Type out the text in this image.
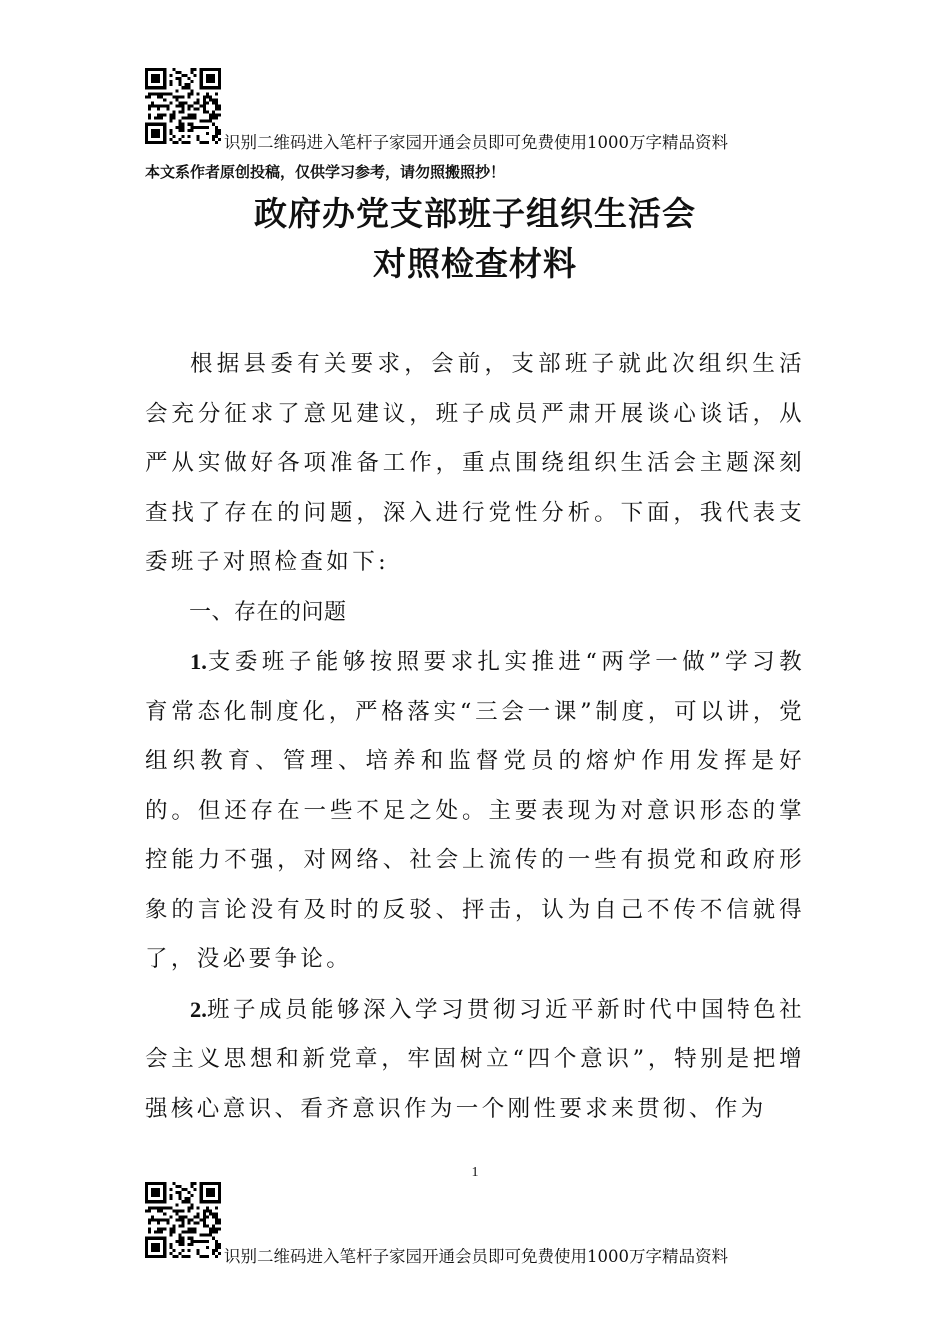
识别二维码进入笔杆子家园开通会员即可免费使用1000万字精品资料
本文系作者原创投稿，仅供学习参考，请勿照搬照抄！
政府办党支部班子组织生活会
对照检查材料

根据县委有关要求，会前，支部班子就此次组织生活会充分征求了意见建议，班子成员严肃开展谈心谈话，从严从实做好各项准备工作，重点围绕组织生活会主题深刻查找了存在的问题，深入进行党性分析。下面，我代表支委班子对照检查如下:

一、存在的问题

1.支委班子能够按照要求扎实推进“两学一做”学习教育常态化制度化，严格落实“三会一课”制度，可以讲，党组织教育、管理、培养和监督党员的熔炉作用发挥是好的。但还存在一些不足之处。主要表现为对意识形态的掌控能力不强，对网络、社会上流传的一些有损党和政府形象的言论没有及时的反驳、抨击，认为自己不传不信就得了，没必要争论。

2.班子成员能够深入学习贯彻习近平新时代中国特色社会主义思想和新党章，牢固树立“四个意识”，特别是把增强核心意识、看齐意识作为一个刚性要求来贯彻、作为

1
识别二维码进入笔杆子家园开通会员即可免费使用1000万字精品资料
